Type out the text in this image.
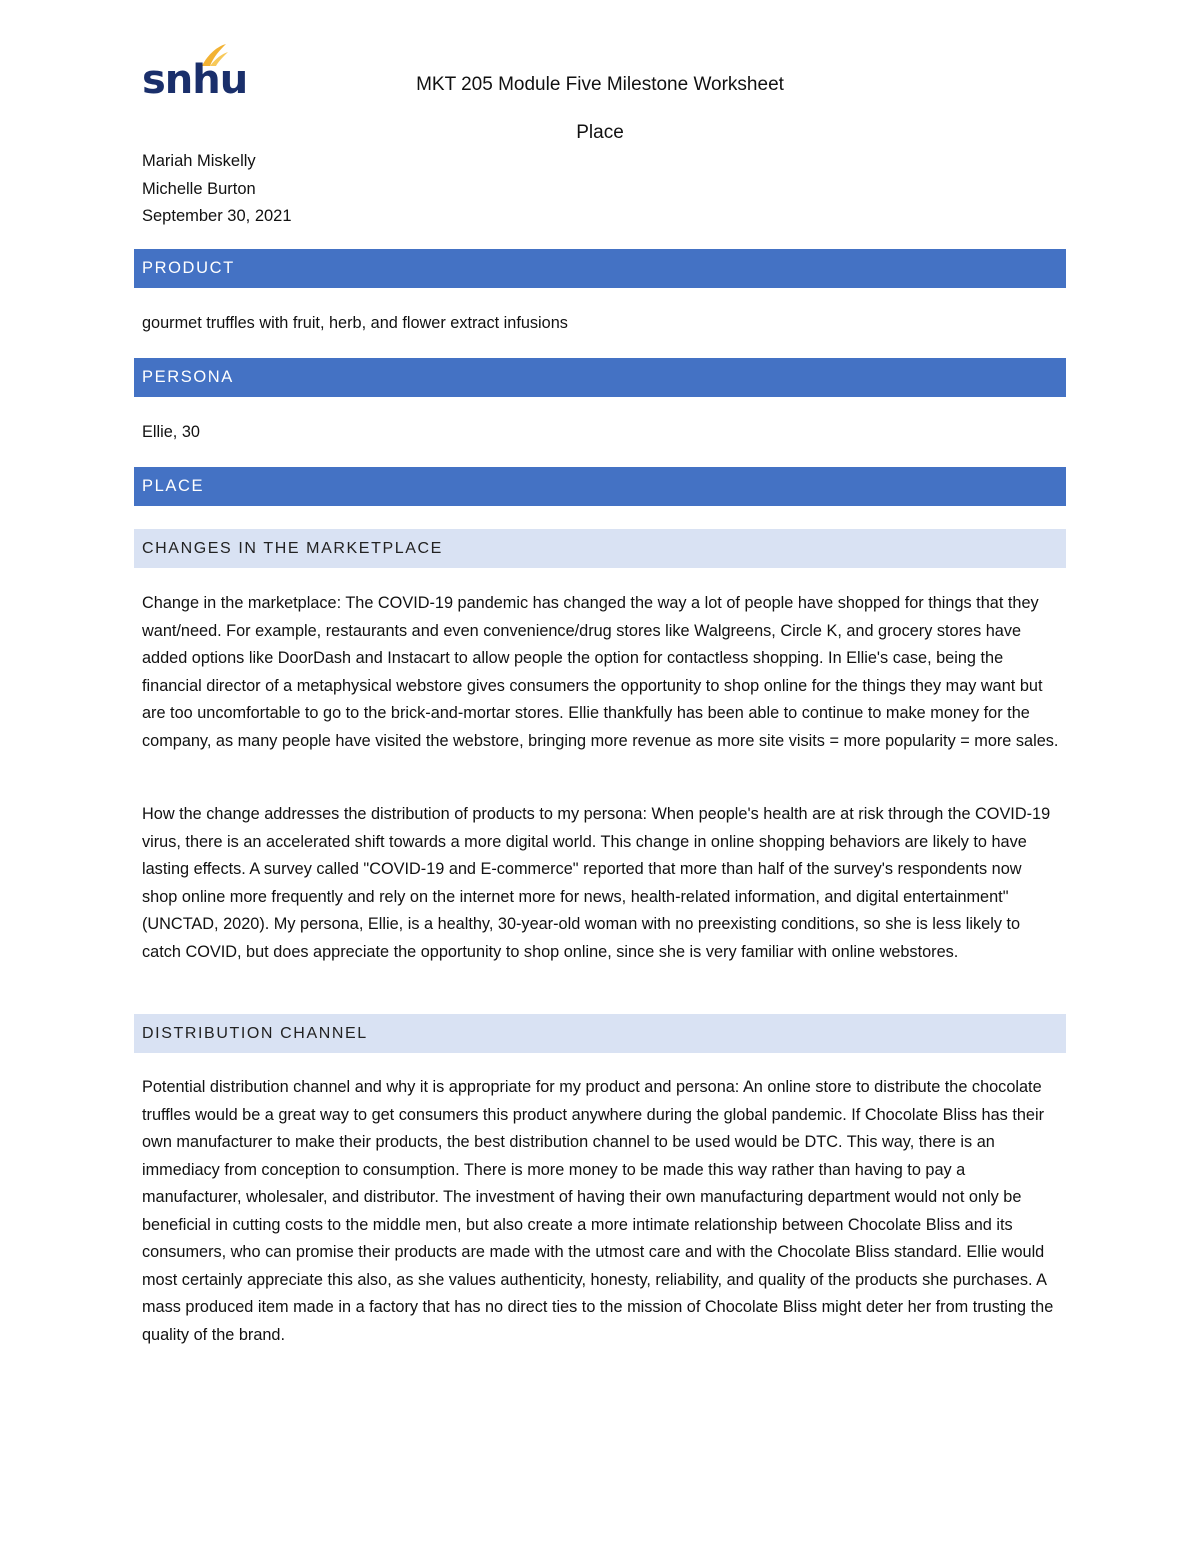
snhu	MKT 205 Module Five Milestone Worksheet
Place
Mariah Miskelly
Michelle Burton
September 30, 2021
PRODUCT
gourmet truffles with fruit, herb, and flower extract infusions
PERSONA
Ellie, 30
PLACE
CHANGES IN THE MARKETPLACE
Change in the marketplace: The COVID-19 pandemic has changed the way a lot of people have shopped for things that they want/need. For example, restaurants and even convenience/drug stores like Walgreens, Circle K, and grocery stores have added options like DoorDash and Instacart to allow people the option for contactless shopping. In Ellie's case, being the financial director of a metaphysical webstore gives consumers the opportunity to shop online for the things they may want but are too uncomfortable to go to the brick-and-mortar stores. Ellie thankfully has been able to continue to make money for the company, as many people have visited the webstore, bringing more revenue as more site visits = more popularity = more sales.
How the change addresses the distribution of products to my persona: When people's health are at risk through the COVID-19 virus, there is an accelerated shift towards a more digital world. This change in online shopping behaviors are likely to have lasting effects. A survey called "COVID-19 and E-commerce" reported that more than half of the survey's respondents now shop online more frequently and rely on the internet more for news, health-related information, and digital entertainment" (UNCTAD, 2020). My persona, Ellie, is a healthy, 30-year-old woman with no preexisting conditions, so she is less likely to catch COVID, but does appreciate the opportunity to shop online, since she is very familiar with online webstores.
DISTRIBUTION CHANNEL
Potential distribution channel and why it is appropriate for my product and persona: An online store to distribute the chocolate truffles would be a great way to get consumers this product anywhere during the global pandemic. If Chocolate Bliss has their own manufacturer to make their products, the best distribution channel to be used would be DTC. This way, there is an immediacy from conception to consumption. There is more money to be made this way rather than having to pay a manufacturer, wholesaler, and distributor. The investment of having their own manufacturing department would not only be beneficial in cutting costs to the middle men, but also create a more intimate relationship between Chocolate Bliss and its consumers, who can promise their products are made with the utmost care and with the Chocolate Bliss standard. Ellie would most certainly appreciate this also, as she values authenticity, honesty, reliability, and quality of the products she purchases. A mass produced item made in a factory that has no direct ties to the mission of Chocolate Bliss might deter her from trusting the quality of the brand.
